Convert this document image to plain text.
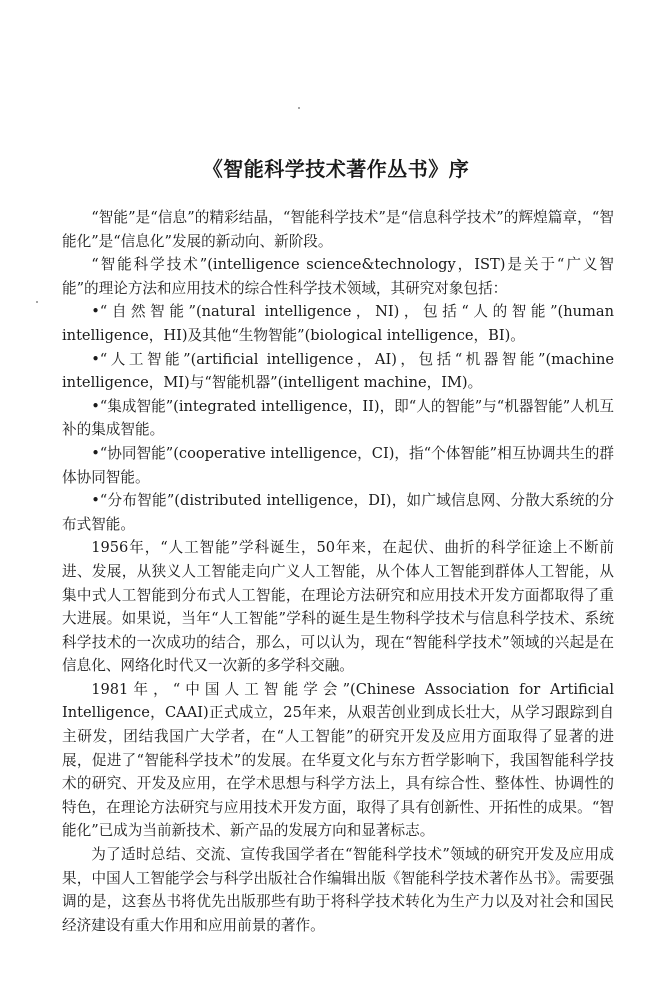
《智能科学技术著作丛书》序

“智能”是“信息”的精彩结晶，“智能科学技术”是“信息科学技术”的辉煌篇章，“智能化”是“信息化”发展的新动向、新阶段。

“智能科学技术”(intelligence science&technology，IST)是关于“广义智能”的理论方法和应用技术的综合性科学技术领域，其研究对象包括：

•“自然智能”(natural intelligence，NI)，包括“人的智能”(human intelligence，HI)及其他“生物智能”(biological intelligence，BI)。

•“人工智能”(artificial intelligence，AI)，包括“机器智能”(machine intelligence，MI)与“智能机器”(intelligent machine，IM)。

•“集成智能”(integrated intelligence，II)，即“人的智能”与“机器智能”人机互补的集成智能。

•“协同智能”(cooperative intelligence，CI)，指“个体智能”相互协调共生的群体协同智能。

•“分布智能”(distributed intelligence，DI)，如广域信息网、分散大系统的分布式智能。

1956年，“人工智能”学科诞生，50年来，在起伏、曲折的科学征途上不断前进、发展，从狭义人工智能走向广义人工智能，从个体人工智能到群体人工智能，从集中式人工智能到分布式人工智能，在理论方法研究和应用技术开发方面都取得了重大进展。如果说，当年“人工智能”学科的诞生是生物科学技术与信息科学技术、系统科学技术的一次成功的结合，那么，可以认为，现在“智能科学技术”领域的兴起是在信息化、网络化时代又一次新的多学科交融。

1981年，“中国人工智能学会”(Chinese Association for Artificial Intelligence，CAAI)正式成立，25年来，从艰苦创业到成长壮大，从学习跟踪到自主研发，团结我国广大学者，在“人工智能”的研究开发及应用方面取得了显著的进展，促进了“智能科学技术”的发展。在华夏文化与东方哲学影响下，我国智能科学技术的研究、开发及应用，在学术思想与科学方法上，具有综合性、整体性、协调性的特色，在理论方法研究与应用技术开发方面，取得了具有创新性、开拓性的成果。“智能化”已成为当前新技术、新产品的发展方向和显著标志。

为了适时总结、交流、宣传我国学者在“智能科学技术”领域的研究开发及应用成果，中国人工智能学会与科学出版社合作编辑出版《智能科学技术著作丛书》。需要强调的是，这套丛书将优先出版那些有助于将科学技术转化为生产力以及对社会和国民经济建设有重大作用和应用前景的著作。
